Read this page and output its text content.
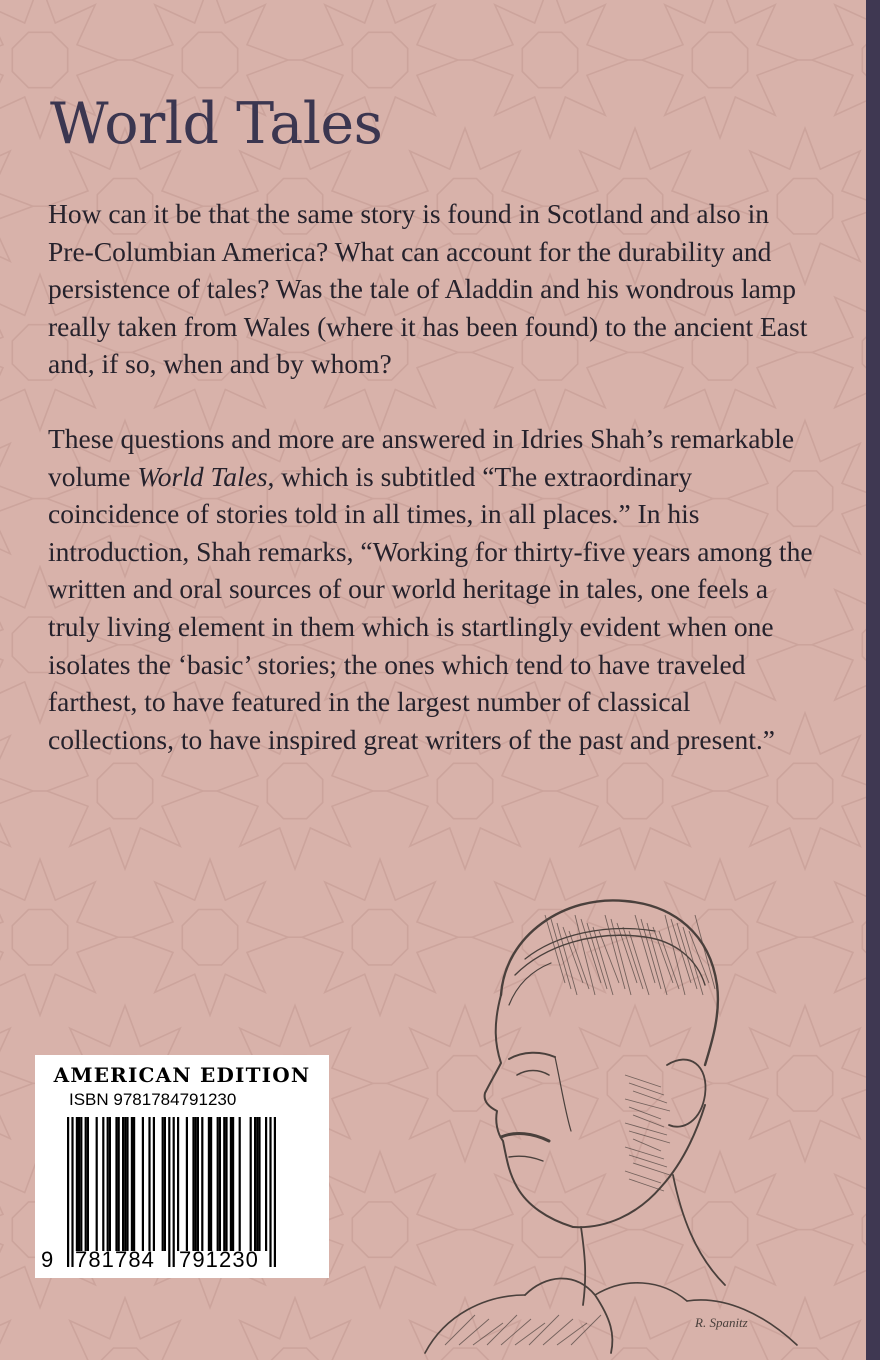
World Tales

How can it be that the same story is found in Scotland and also in Pre-Columbian America? What can account for the durability and persistence of tales? Was the tale of Aladdin and his wondrous lamp really taken from Wales (where it has been found) to the ancient East and, if so, when and by whom?

These questions and more are answered in Idries Shah’s remarkable volume World Tales, which is subtitled “The extraordinary coincidence of stories told in all times, in all places.” In his introduction, Shah remarks, “Working for thirty-five years among the written and oral sources of our world heritage in tales, one feels a truly living element in them which is startlingly evident when one isolates the ‘basic’ stories; the ones which tend to have traveled farthest, to have featured in the largest number of classical collections, to have inspired great writers of the past and present.”

R. Spanitz

AMERICAN EDITION

ISBN 9781784791230

9 781784 791230
